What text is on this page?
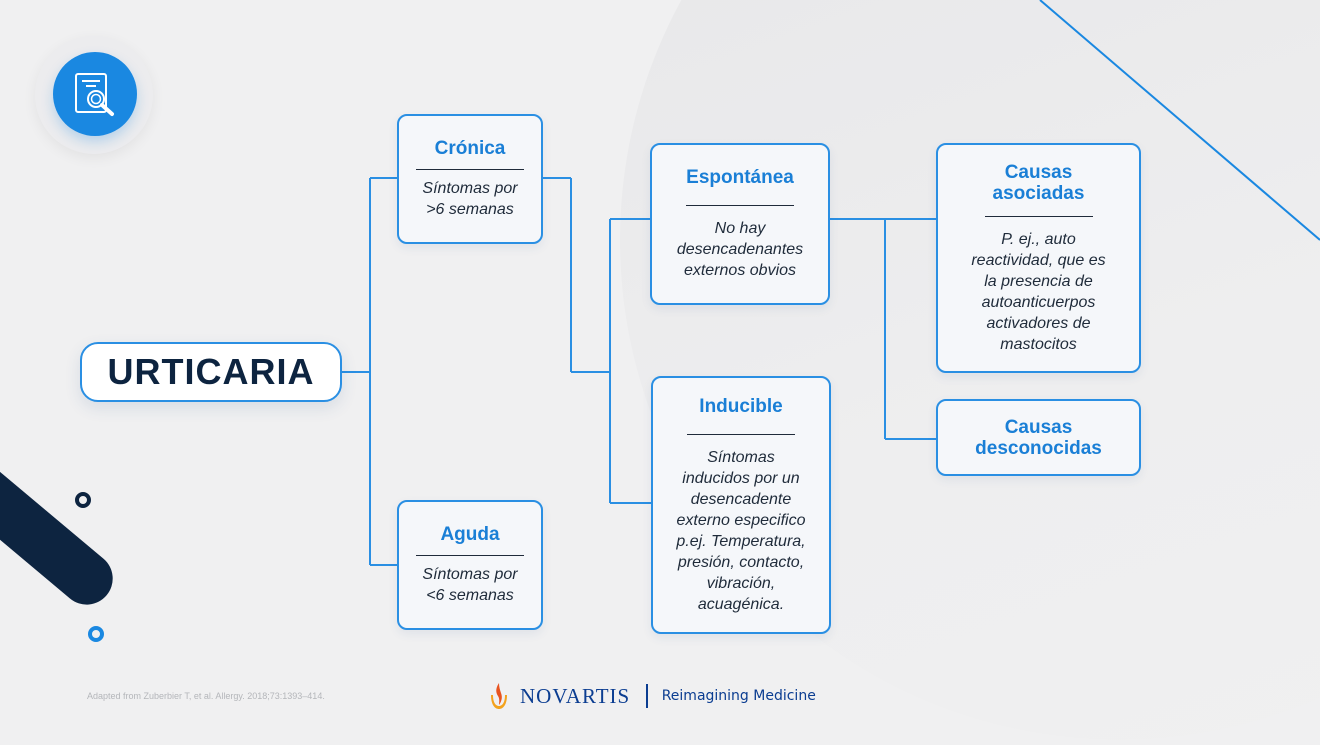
URTICARIA
Crónica
Síntomas por
>6 semanas
Aguda
Síntomas por
<6 semanas
Espontánea
No hay
desencadenantes
externos obvios
Inducible
Síntomas
inducidos por un
desencadente
externo especifico
p.ej. Temperatura,
presión, contacto,
vibración,
acuagénica.
Causas
asociadas
P. ej., auto
reactividad, que es
la presencia de
autoanticuerpos
activadores de
mastocitos
Causas
desconocidas
Adapted from Zuberbier T, et al. Allergy. 2018;73:1393–414.	NOVARTIS Reimagining Medicine
